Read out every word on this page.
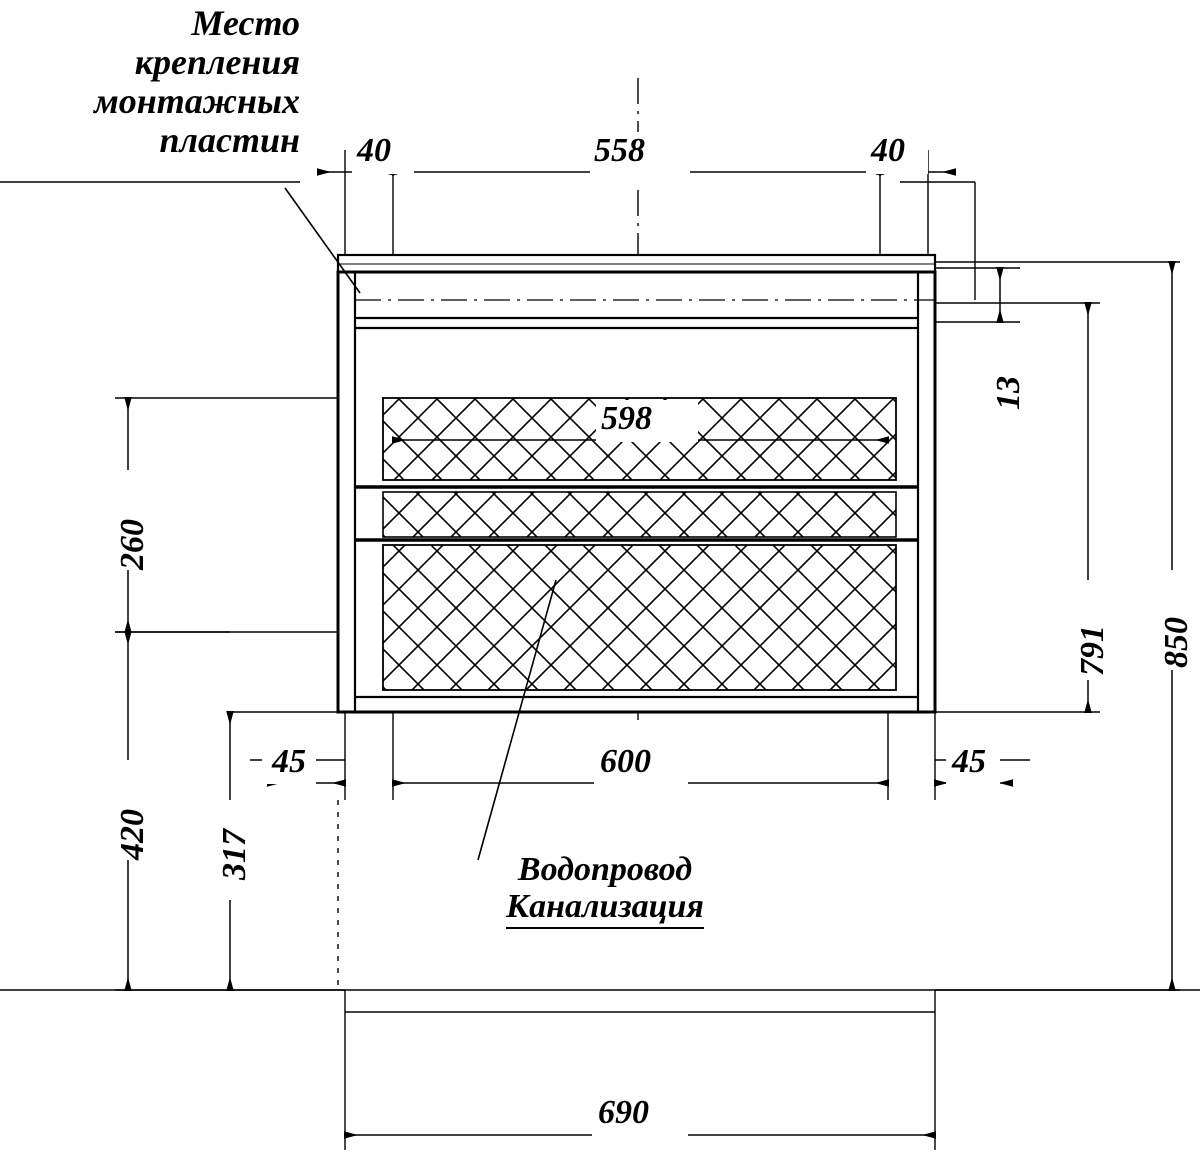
Место
крепления
монтажных
пластин
Водопровод
Канализация
40	558	40
13
598
260
791 850
45	600	45
420 317
690
